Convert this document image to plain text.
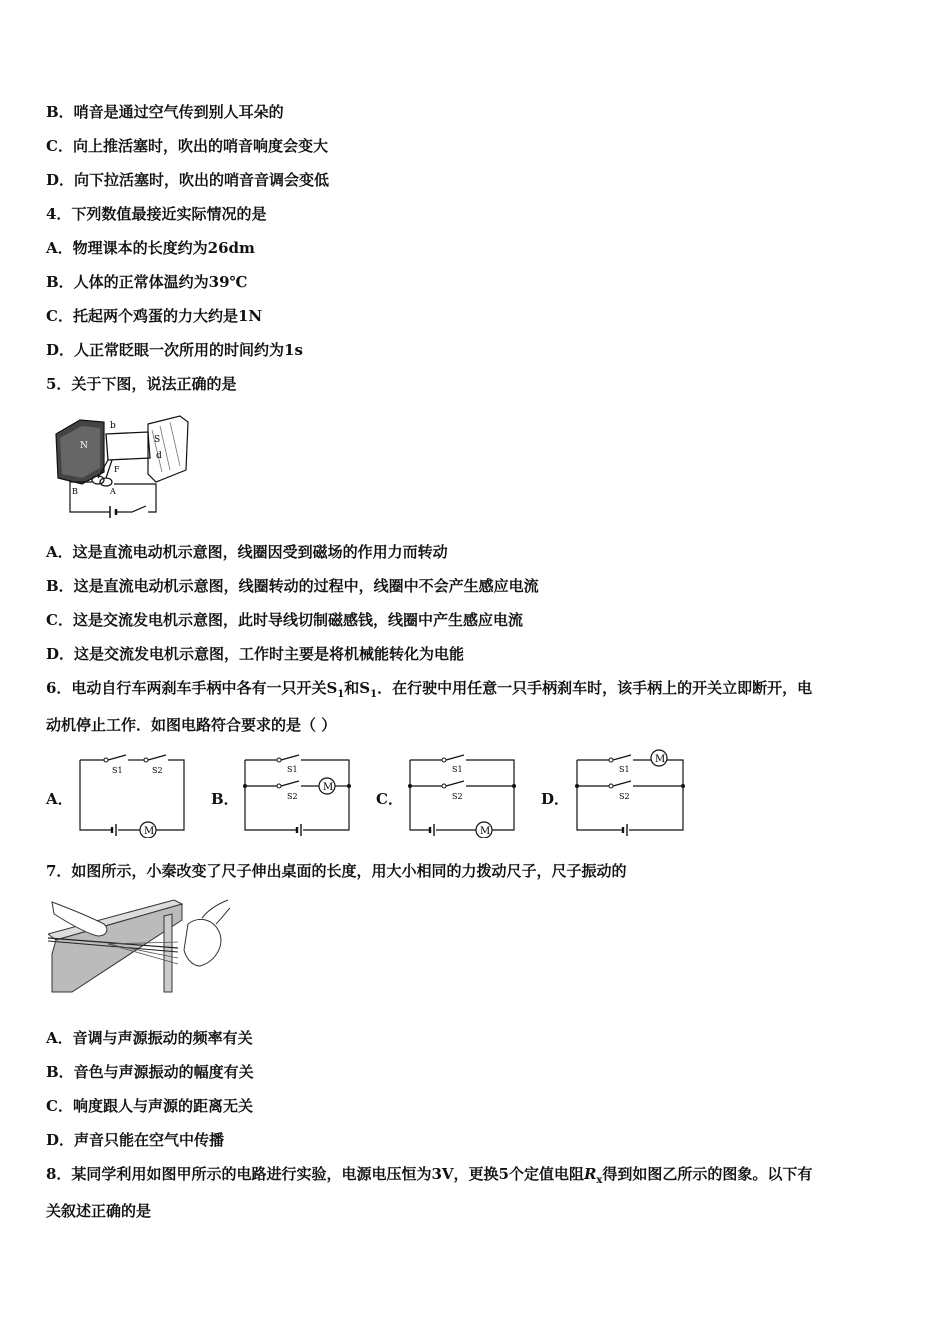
B．哨音是通过空气传到别人耳朵的
C．向上推活塞时，吹出的哨音响度会变大
D．向下拉活塞时，吹出的哨音音调会变低
4．下列数值最接近实际情况的是
A．物理课本的长度约为26dm
B．人体的正常体温约为39℃
C．托起两个鸡蛋的力大约是1N
D．人正常眨眼一次所用的时间约为1s
5．关于下图，说法正确的是
N
b
S
d
F
A
B
A．这是直流电动机示意图，线圈因受到磁场的作用力而转动
B．这是直流电动机示意图，线圈转动的过程中，线圈中不会产生感应电流
C．这是交流发电机示意图，此时导线切制磁感钱，线圈中产生感应电流
D．这是交流发电机示意图，工作时主要是将机械能转化为电能
6．电动自行车两刹车手柄中各有一只开关$S_1$和$S_1$．在行驶中用任意一只手柄刹车时，该手柄上的开关立即断开，电
动机停止工作．如图电路符合要求的是（ ）
A．
M
S1	S2
B．
M
S1
S2	C．
M
S1
S2	D．
M
S1
S2
7．如图所示，小秦改变了尺子伸出桌面的长度，用大小相同的力拨动尺子，尺子振动的
A．音调与声源振动的频率有关
B．音色与声源振动的幅度有关
C．响度跟人与声源的距离无关
D．声音只能在空气中传播
8．某同学利用如图甲所示的电路进行实验，电源电压恒为3V，更换5个定值电阻$R_x$得到如图乙所示的图象。以下有
关叙述正确的是
